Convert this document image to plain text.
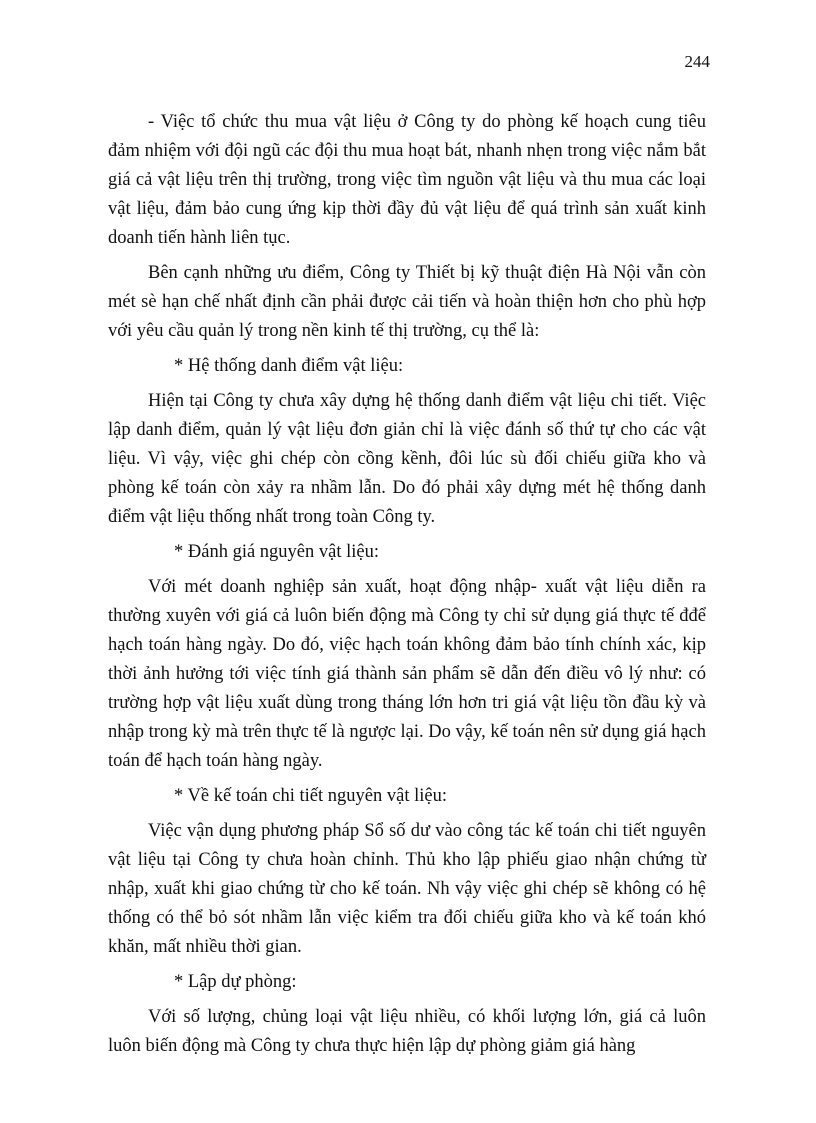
244

- Việc tổ chức thu mua vật liệu ở Công ty do phòng kế hoạch cung tiêu đảm nhiệm với đội ngũ các đội thu mua hoạt bát, nhanh nhẹn trong việc nắm bắt giá cả vật liệu trên thị trường, trong việc tìm nguồn vật liệu và thu mua các loại vật liệu, đảm bảo cung ứng kịp thời đầy đủ vật liệu để quá trình sản xuất kinh doanh tiến hành liên tục.

Bên cạnh những ưu điểm, Công ty Thiết bị kỹ thuật điện Hà Nội vẫn còn mét sè hạn chế nhất định cần phải được cải tiến và hoàn thiện hơn cho phù hợp với yêu cầu quản lý trong nền kinh tế thị trường, cụ thể là:

* Hệ thống danh điểm vật liệu:

Hiện tại Công ty chưa xây dựng hệ thống danh điểm vật liệu chi tiết. Việc lập danh điểm, quản lý vật liệu đơn giản chỉ là việc đánh số thứ tự cho các vật liệu. Vì vậy, việc ghi chép còn cồng kềnh, đôi lúc sù đối chiếu giữa kho và phòng kế toán còn xảy ra nhầm lẫn. Do đó phải xây dựng mét hệ thống danh điểm vật liệu thống nhất trong toàn Công ty.

* Đánh giá nguyên vật liệu:

Với mét doanh nghiệp sản xuất, hoạt động nhập- xuất vật liệu diễn ra thường xuyên với giá cả luôn biến động mà Công ty chỉ sử dụng giá thực tế đđể hạch toán hàng ngày. Do đó, việc hạch toán không đảm bảo tính chính xác, kịp thời ảnh hưởng tới việc tính giá thành sản phẩm sẽ dẫn đến điều vô lý như: có trường hợp vật liệu xuất dùng trong tháng lớn hơn tri giá vật liệu tồn đầu kỳ và nhập trong kỳ mà trên thực tế là ngược lại. Do vậy, kế toán nên sử dụng giá hạch toán để hạch toán hàng ngày.

* Về kế toán chi tiết nguyên vật liệu:

Việc vận dụng phương pháp Sổ số dư vào công tác kế toán chi tiết nguyên vật liệu tại Công ty chưa hoàn chỉnh. Thủ kho lập phiếu giao nhận chứng từ nhập, xuất khi giao chứng từ cho kế toán. Nh vậy việc ghi chép sẽ không có hệ thống có thể bỏ sót nhầm lẫn việc kiểm tra đối chiếu giữa kho và kế toán khó khăn, mất nhiều thời gian.

* Lập dự phòng:

Với số lượng, chủng loại vật liệu nhiều, có khối lượng lớn, giá cả luôn luôn biến động mà Công ty chưa thực hiện lập dự phòng giảm giá hàng
